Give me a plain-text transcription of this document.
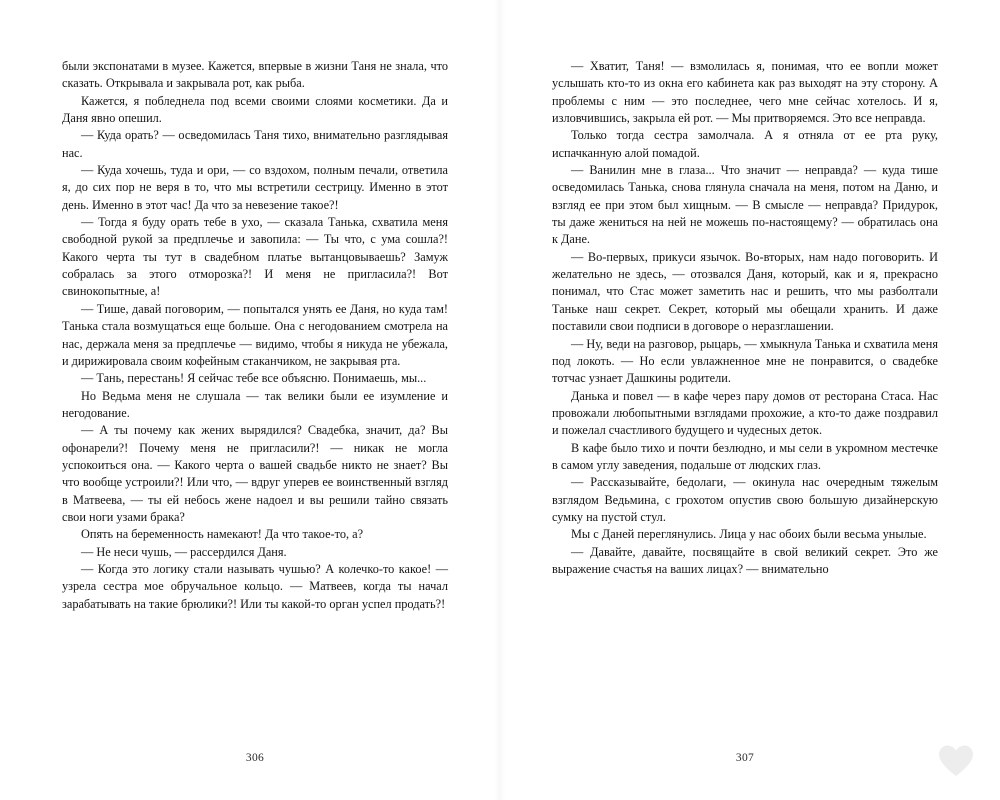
были экспонатами в музее. Кажется, впервые в жизни Таня не знала, что сказать. Открывала и закрывала рот, как рыба.

Кажется, я побледнела под всеми своими слоями косметики. Да и Даня явно опешил.

— Куда орать? — осведомилась Таня тихо, внимательно разглядывая нас.

— Куда хочешь, туда и ори, — со вздохом, полным печали, ответила я, до сих пор не веря в то, что мы встретили сестрицу. Именно в этот день. Именно в этот час! Да что за невезение такое?!

— Тогда я буду орать тебе в ухо, — сказала Танька, схватила меня свободной рукой за предплечье и завопила: — Ты что, с ума сошла?! Какого черта ты тут в свадебном платье вытанцовываешь? Замуж собралась за этого отморозка?! И меня не пригласила?! Вот свинокопытные, а!

— Тише, давай поговорим, — попытался унять ее Даня, но куда там! Танька стала возмущаться еще больше. Она с негодованием смотрела на нас, держала меня за предплечье — видимо, чтобы я никуда не убежала, и дирижировала своим кофейным стаканчиком, не закрывая рта.

— Тань, перестань! Я сейчас тебе все объясню. Понимаешь, мы...

Но Ведьма меня не слушала — так велики были ее изумление и негодование.

— А ты почему как жених вырядился? Свадебка, значит, да? Вы офонарели?! Почему меня не пригласили?! — никак не могла успокоиться она. — Какого черта о вашей свадьбе никто не знает? Вы что вообще устроили?! Или что, — вдруг уперев ее воинственный взгляд в Матвеева, — ты ей небось жене надоел и вы решили тайно связать свои ноги узами брака?

Опять на беременность намекают! Да что такое-то, а?

— Не неси чушь, — рассердился Даня.

— Когда это логику стали называть чушью? А колечко-то какое! — узрела сестра мое обручальное кольцо. — Матвеев, когда ты начал зарабатывать на такие брюлики?! Или ты какой-то орган успел продать?!

306

— Хватит, Таня! — взмолилась я, понимая, что ее вопли может услышать кто-то из окна его кабинета как раз выходят на эту сторону. А проблемы с ним — это последнее, чего мне сейчас хотелось. И я, изловчившись, закрыла ей рот. — Мы притворяемся. Это все неправда.

Только тогда сестра замолчала. А я отняла от ее рта руку, испачканную алой помадой.

— Ванилин мне в глаза... Что значит — неправда? — куда тише осведомилась Танька, снова глянула сначала на меня, потом на Даню, и взгляд ее при этом был хищным. — В смысле — неправда? Придурок, ты даже жениться на ней не можешь по-настоящему? — обратилась она к Дане.

— Во-первых, прикуси язычок. Во-вторых, нам надо поговорить. И желательно не здесь, — отозвался Даня, который, как и я, прекрасно понимал, что Стас может заметить нас и решить, что мы разболтали Таньке наш секрет. Секрет, который мы обещали хранить. И даже поставили свои подписи в договоре о неразглашении.

— Ну, веди на разговор, рыцарь, — хмыкнула Танька и схватила меня под локоть. — Но если увлажненное мне не понравится, о свадебке тотчас узнает Дашкины родители.

Данька и повел — в кафе через пару домов от ресторана Стаса. Нас провожали любопытными взглядами прохожие, а кто-то даже поздравил и пожелал счастливого будущего и чудесных деток.

В кафе было тихо и почти безлюдно, и мы сели в укромном местечке в самом углу заведения, подальше от людских глаз.

— Рассказывайте, бедолаги, — окинула нас очередным тяжелым взглядом Ведьмина, с грохотом опустив свою большую дизайнерскую сумку на пустой стул.

Мы с Даней переглянулись. Лица у нас обоих были весьма унылые.

— Давайте, давайте, посвящайте в свой великий секрет. Это же выражение счастья на ваших лицах? — внимательно

307
